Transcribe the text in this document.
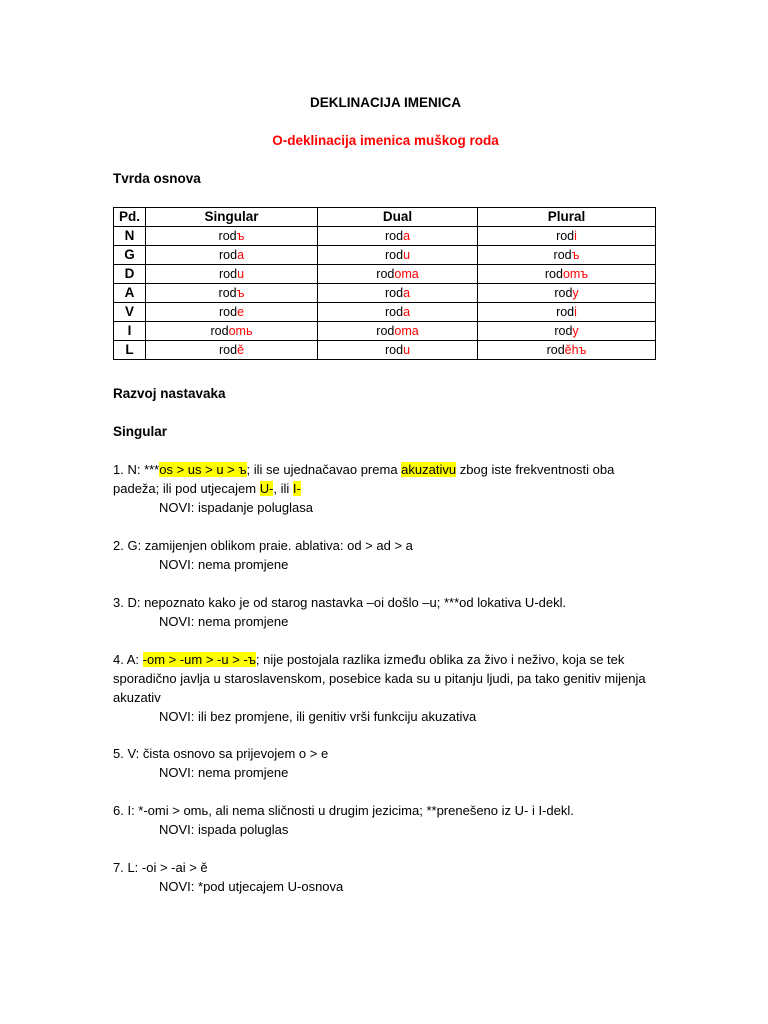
DEKLINACIJA IMENICA
O-deklinacija imenica muškog roda
Tvrda osnova
Pd.	Singular	Dual	Plural
N	rodъ	roda	rodi
G	roda	rodu	rodъ
D	rodu	rodoma	rodomъ
A	rodъ	roda	rody
V	rode	roda	rodi
I	rodomь	rodoma	rody
L	rodě	rodu	roděhъ
Razvoj nastavaka
Singular
1. N: ***os > us > u > ъ; ili se ujednačavao prema akuzativu zbog iste frekventnosti oba padeža; ili pod utjecajem U-, ili I-
NOVI: ispadanje poluglasa
2. G: zamijenjen oblikom praie. ablativa: od > ad > a
NOVI: nema promjene
3. D: nepoznato kako je od starog nastavka –oi došlo –u; ***od lokativa U-dekl.
NOVI: nema promjene
4. A: -om > -um > -u > -ъ; nije postojala razlika između oblika za živo i neživo, koja se tek sporadično javlja u staroslavenskom, posebice kada su u pitanju ljudi, pa tako genitiv mijenja akuzativ
NOVI: ili bez promjene, ili genitiv vrši funkciju akuzativa
5. V: čista osnovo sa prijevojem o > e
NOVI: nema promjene
6. I: *-omi > omь, ali nema sličnosti u drugim jezicima; **prenešeno iz U- i I-dekl.
NOVI: ispada poluglas
7. L: -oi > -ai > ě
NOVI: *pod utjecajem U-osnova
